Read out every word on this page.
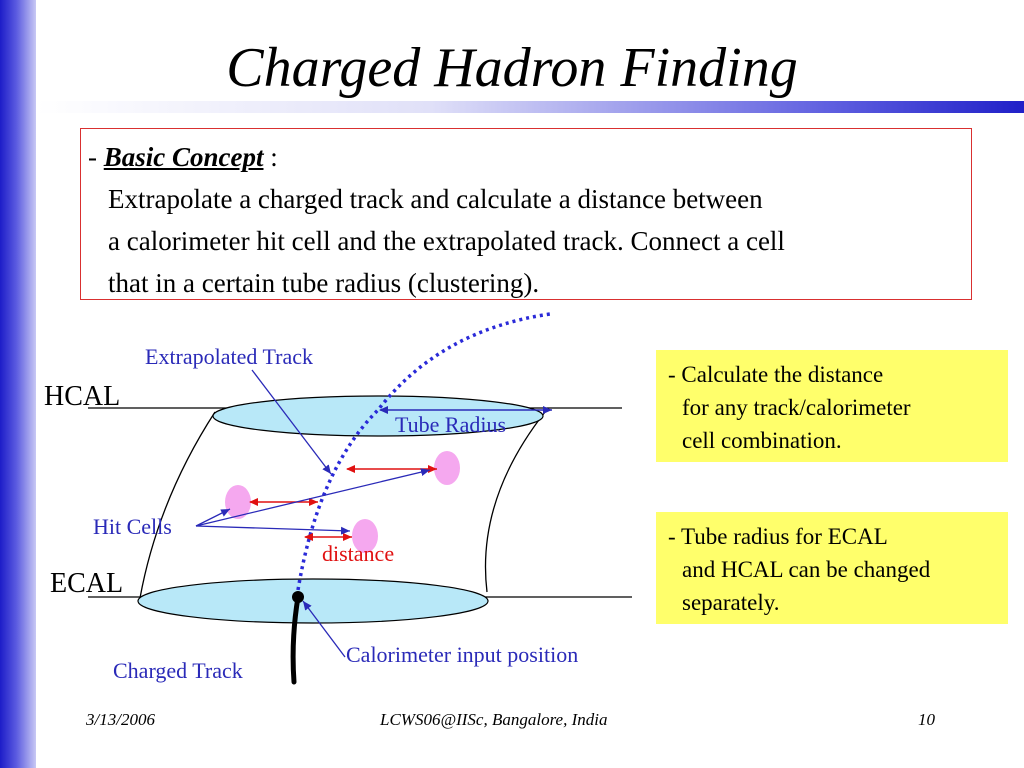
Charged Hadron Finding
- Basic Concept :
Extrapolate a charged track and calculate a distance between
a calorimeter hit cell and the extrapolated track. Connect a cell
that in a certain tube radius (clustering).
Extrapolated Track
HCAL
Tube Radius
Hit Cells
distance
ECAL
Calorimeter input position
Charged Track
- Calculate the distance
for any track/calorimeter
cell combination.
- Tube radius for ECAL
and HCAL can be changed
separately.
3/13/2006	LCWS06@IISc, Bangalore, India	10
